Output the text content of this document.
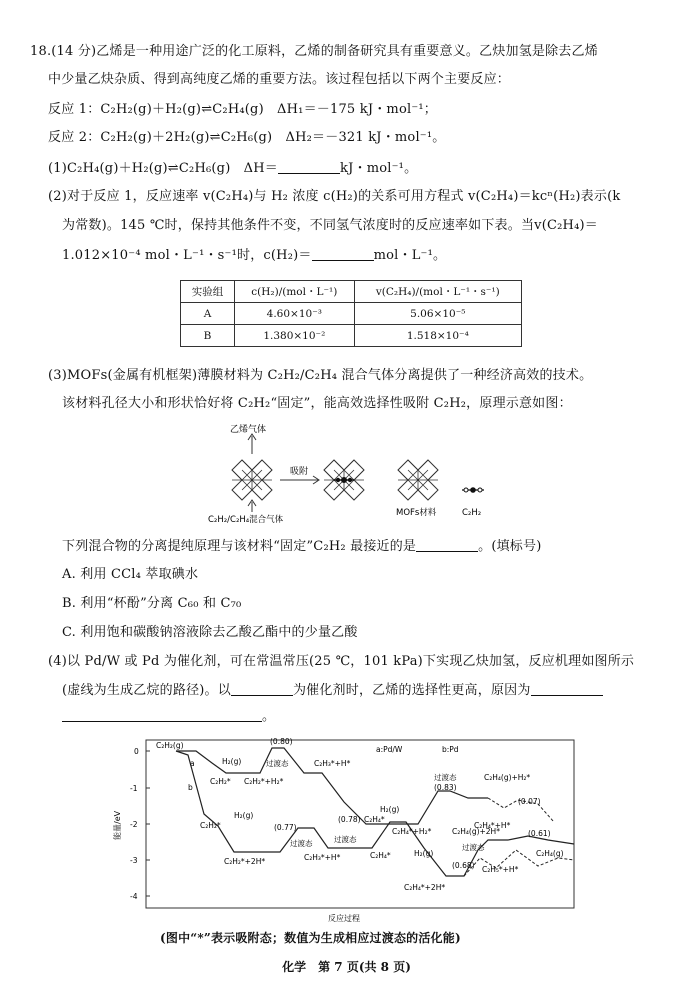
18.(14 分)乙烯是一种用途广泛的化工原料，乙烯的制备研究具有重要意义。乙炔加氢是除去乙烯
中少量乙炔杂质、得到高纯度乙烯的重要方法。该过程包括以下两个主要反应：
反应 1：C₂H₂(g)＋H₂(g)⇌C₂H₄(g)　ΔH₁＝－175 kJ・mol⁻¹；
反应 2：C₂H₂(g)＋2H₂(g)⇌C₂H₆(g)　ΔH₂＝－321 kJ・mol⁻¹。
(1)C₂H₄(g)＋H₂(g)⇌C₂H₆(g)　ΔH＝	kJ・mol⁻¹。
(2)对于反应 1，反应速率 v(C₂H₄)与 H₂ 浓度 c(H₂)的关系可用方程式 v(C₂H₄)＝kcⁿ(H₂)表示(k
为常数)。145 ℃时，保持其他条件不变，不同氢气浓度时的反应速率如下表。当v(C₂H₄)＝
1.012×10⁻⁴ mol・L⁻¹・s⁻¹时，c(H₂)＝	mol・L⁻¹。
实验组	c(H₂)/(mol・L⁻¹)	v(C₂H₄)/(mol・L⁻¹・s⁻¹)
A	4.60×10⁻³	5.06×10⁻⁵
B	1.380×10⁻²	1.518×10⁻⁴
(3)MOFs(金属有机框架)薄膜材料为 C₂H₂/C₂H₄ 混合气体分离提供了一种经济高效的技术。
该材料孔径大小和形状恰好将 C₂H₂“固定”，能高效选择性吸附 C₂H₂，原理示意如图：
乙烯气体
C₂H₂/C₂H₄混合气体
吸附
MOFs材料	C₂H₂
下列混合物的分离提纯原理与该材料“固定”C₂H₂ 最接近的是	。(填标号)
A. 利用 CCl₄ 萃取碘水
B. 利用“杯酚”分离 C₆₀ 和 C₇₀
C. 利用饱和碳酸钠溶液除去乙酸乙酯中的少量乙酸
(4)以 Pd/W 或 Pd 为催化剂，可在常温常压(25 ℃，101 kPa)下实现乙炔加氢，反应机理如图所示
(虚线为生成乙烷的路径)。以	为催化剂时，乙烯的选择性更高，原因为
。
能量/eV
反应过程
0
-1
-2
-3
-4
a:Pd/W	b:Pd
a
b
C₂H₂(g)
H₂(g)
C₂H₂* C₂H₂*+H₂*
(0.80)
过渡态	C₂H₃*+H*
H₂(g)
C₂H₄*
C₂H₄*+H₂*
过渡态
(0.83)
C₂H₄(g)+H₂*
(0.07)
C₂H₄(g)+2H*	(0.61)
C₂H₂*
H₂(g)
C₂H₂*+2H*
(0.77)
过渡态
C₂H₃*+H*
(0.78)
过渡态
C₂H₄*	H₂(g)
C₂H₄*+2H*
过渡态
(0.68) C₂H₅*+H*
C₂H₄*+H*
C₂H₄(g)
(图中“*”表示吸附态；数值为生成相应过渡态的活化能)
化学　第 7 页(共 8 页)
